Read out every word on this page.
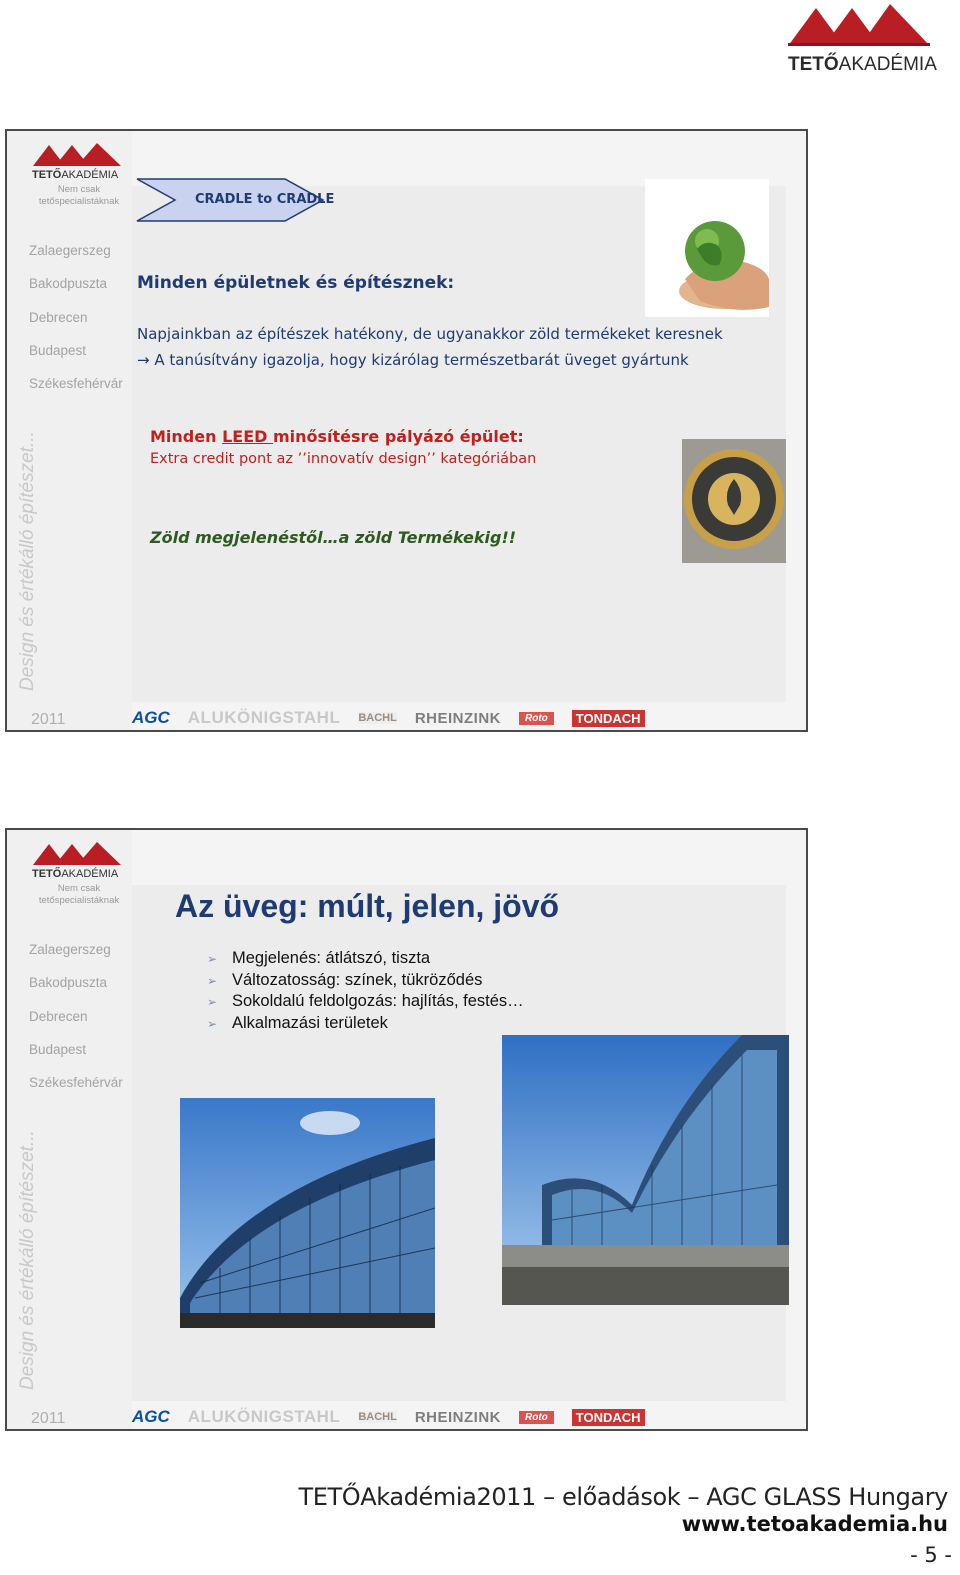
TETŐAKADÉMIA
TETŐAKADÉMIA
Nem csak
tetőspecialistáknak
Zalaegerszeg
Bakodpuszta
Debrecen
Budapest
Székesfehérvár
Design és értékálló építészet...
2011	AGC ALUKÖNIGSTAHL BACHL RHEINZINK	Roto	TONDACH
CRADLE to CRADLE
Minden épületnek és építésznek:
Napjainkban az építészek hatékony, de ugyanakkor zöld termékeket keresnek
→ A tanúsítvány igazolja, hogy kizárólag természetbarát üveget gyártunk
Minden LEED minősítésre pályázó épület:
Extra credit pont az ’’innovatív design’’ kategóriában
Zöld megjelenéstől…a zöld Termékekig!!
TETŐAKADÉMIA
Nem csak
tetőspecialistáknak
Zalaegerszeg
Bakodpuszta
Debrecen
Budapest
Székesfehérvár
Design és értékálló építészet...
2011	AGC ALUKÖNIGSTAHL BACHL RHEINZINK	Roto	TONDACH
Az üveg: múlt, jelen, jövő
➢ Megjelenés: átlátszó, tiszta
➢ Változatosság: színek, tükröződés
➢ Sokoldalú feldolgozás: hajlítás, festés…
➢ Alkalmazási területek
TETŐAkadémia2011 – előadások – AGC GLASS Hungary
www.tetoakademia.hu
- 5 -
